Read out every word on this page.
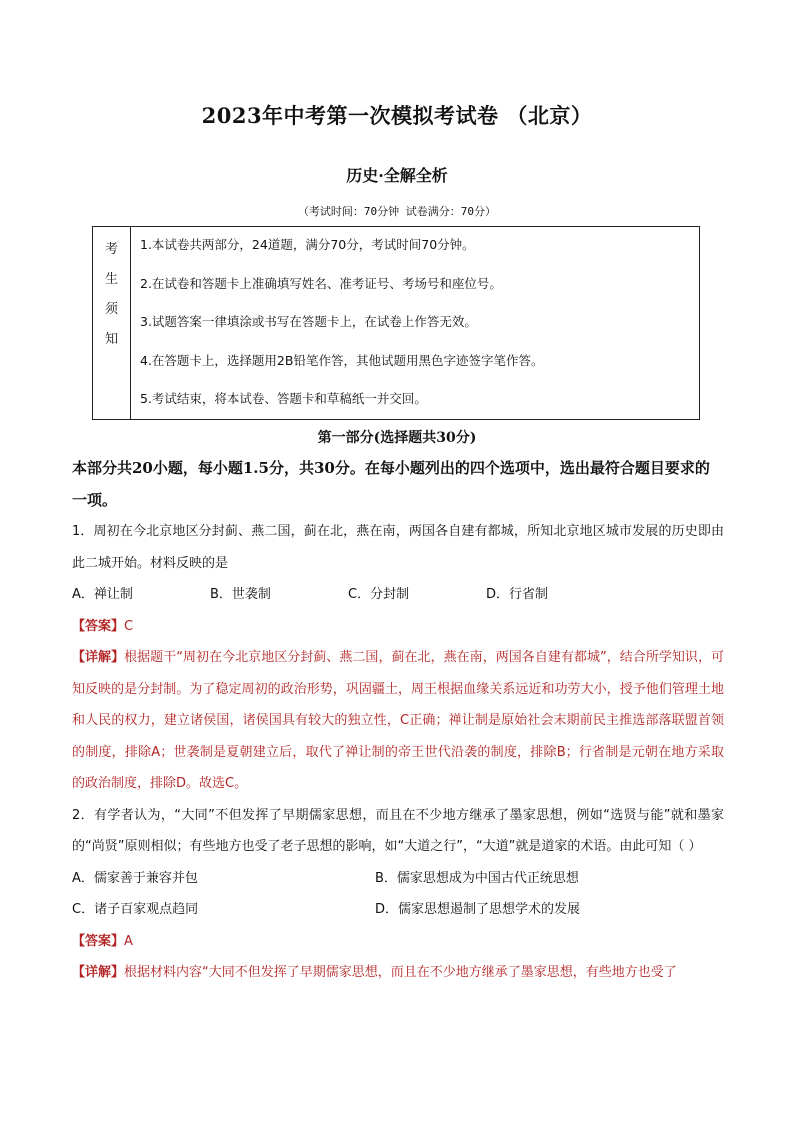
2023年中考第一次模拟考试卷 （北京）
历史·全解全析
（考试时间：70分钟 试卷满分：70分）
考
生
须
知
1.本试卷共两部分，24道题，满分70分，考试时间70分钟。
2.在试卷和答题卡上准确填写姓名、准考证号、考场号和座位号。
3.试题答案一律填涂或书写在答题卡上，在试卷上作答无效。
4.在答题卡上，选择题用2B铅笔作答，其他试题用黑色字迹签字笔作答。
5.考试结束，将本试卷、答题卡和草稿纸一并交回。
第一部分(选择题共30分)

本部分共20小题，每小题1.5分，共30分。在每小题列出的四个选项中，选出最符合题目要求的一项。

1．周初在今北京地区分封蓟、燕二国，蓟在北，燕在南，两国各自建有都城，所知北京地区城市发展的历史即由此二城开始。材料反映的是

A．禅让制	B．世袭制	C．分封制	D．行省制

【答案】C

【详解】根据题干“周初在今北京地区分封蓟、燕二国，蓟在北，燕在南，两国各自建有都城”，结合所学知识，可知反映的是分封制。为了稳定周初的政治形势，巩固疆土，周王根据血缘关系远近和功劳大小，授予他们管理土地和人民的权力，建立诸侯国，诸侯国具有较大的独立性，C正确；禅让制是原始社会末期前民主推选部落联盟首领的制度，排除A；世袭制是夏朝建立后，取代了禅让制的帝王世代沿袭的制度，排除B；行省制是元朝在地方采取的政治制度，排除D。故选C。

2．有学者认为，“大同”不但发挥了早期儒家思想，而且在不少地方继承了墨家思想，例如“选贤与能”就和墨家的“尚贤”原则相似；有些地方也受了老子思想的影响，如“大道之行”，“大道”就是道家的术语。由此可知（ ）

A．儒家善于兼容并包	B．儒家思想成为中国古代正统思想
C．诸子百家观点趋同	D．儒家思想遏制了思想学术的发展

【答案】A

【详解】根据材料内容“大同不但发挥了早期儒家思想，而且在不少地方继承了墨家思想，有些地方也受了
